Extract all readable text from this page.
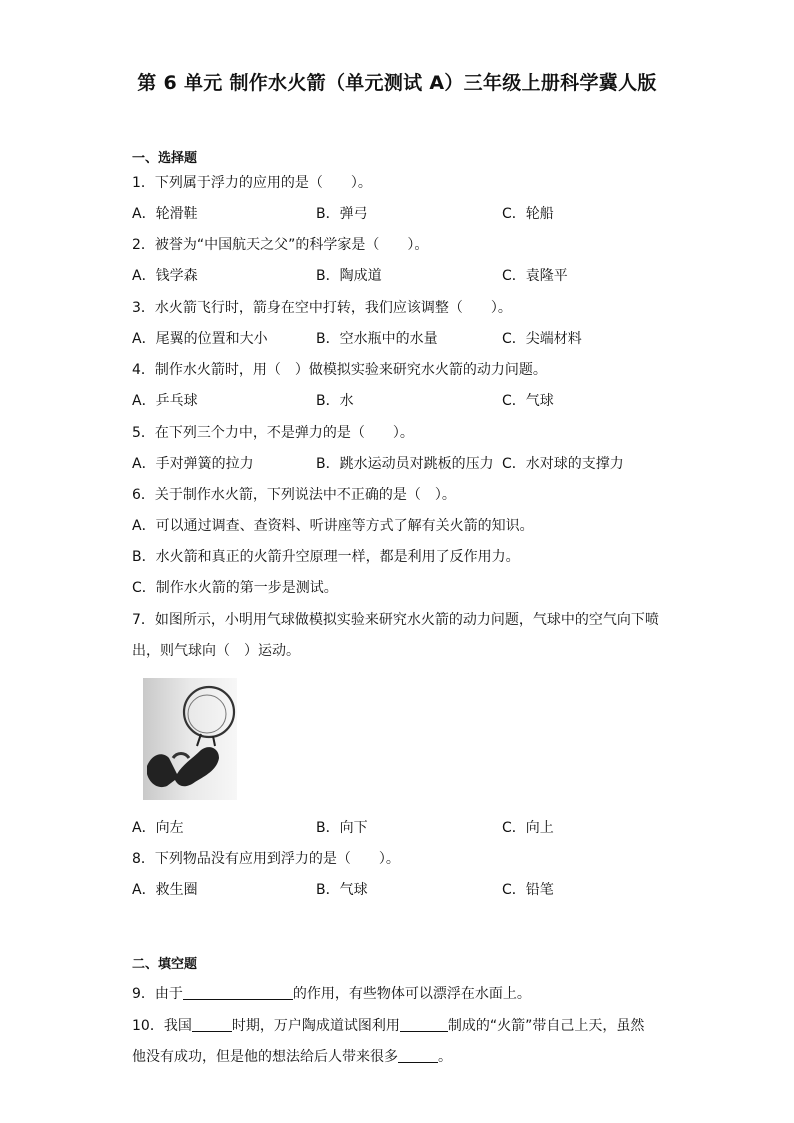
第 6 单元 制作水火箭（单元测试 A）三年级上册科学冀人版
一、选择题
1．下列属于浮力的应用的是（　　）。
A．轮滑鞋	B．弹弓	C．轮船
2．被誉为“中国航天之父”的科学家是（　　）。
A．钱学森	B．陶成道	C．袁隆平
3．水火箭飞行时，箭身在空中打转，我们应该调整（　　）。
A．尾翼的位置和大小	B．空水瓶中的水量	C．尖端材料
4．制作水火箭时，用（　）做模拟实验来研究水火箭的动力问题。
A．乒乓球	B．水	C．气球
5．在下列三个力中，不是弹力的是（　　）。
A．手对弹簧的拉力	B．跳水运动员对跳板的压力 C．水对球的支撑力
6．关于制作水火箭，下列说法中不正确的是（　）。
A．可以通过调查、查资料、听讲座等方式了解有关火箭的知识。
B．水火箭和真正的火箭升空原理一样，都是利用了反作用力。
C．制作水火箭的第一步是测试。
7．如图所示，小明用气球做模拟实验来研究水火箭的动力问题，气球中的空气向下喷
出，则气球向（　）运动。
A．向左	B．向下	C．向上
8．下列物品没有应用到浮力的是（　　）。
A．救生圈	B．气球	C．铅笔
二、填空题
9．由于	的作用，有些物体可以漂浮在水面上。
10．我国	时期，万户陶成道试图利用	制成的“火箭”带自己上天，虽然
他没有成功，但是他的想法给后人带来很多	。
